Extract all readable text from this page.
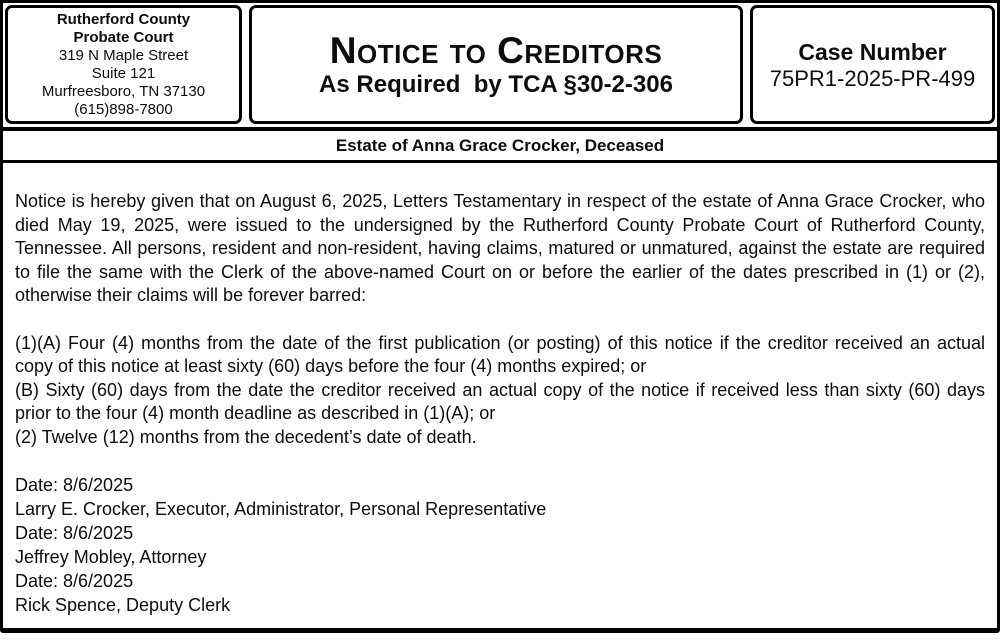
Rutherford County
Probate Court
319 N Maple Street
Suite 121
Murfreesboro, TN 37130
(615)898-7800
Notice to Creditors
As Required  by TCA §30-2-306
Case Number
75PR1-2025-PR-499
Estate of Anna Grace Crocker, Deceased

Notice is hereby given that on August 6, 2025, Letters Testamentary in respect of the estate of Anna Grace Crocker, who died May 19, 2025, were issued to the undersigned by the Rutherford County Probate Court of Rutherford County, Tennessee. All persons, resident and non-resident, having claims, matured or unmatured, against the estate are required to file the same with the Clerk of the above-named Court on or before the earlier of the dates prescribed in (1) or (2), otherwise their claims will be forever barred:

(1)(A) Four (4) months from the date of the first publication (or posting) of this notice if the creditor received an actual copy of this notice at least sixty (60) days before the four (4) months expired; or
(B) Sixty (60) days from the date the creditor received an actual copy of the notice if received less than sixty (60) days prior to the four (4) month deadline as described in (1)(A); or
(2) Twelve (12) months from the decedent’s date of death.
Date: 8/6/2025
Larry E. Crocker, Executor, Administrator, Personal Representative
Date: 8/6/2025
Jeffrey Mobley, Attorney
Date: 8/6/2025
Rick Spence, Deputy Clerk
